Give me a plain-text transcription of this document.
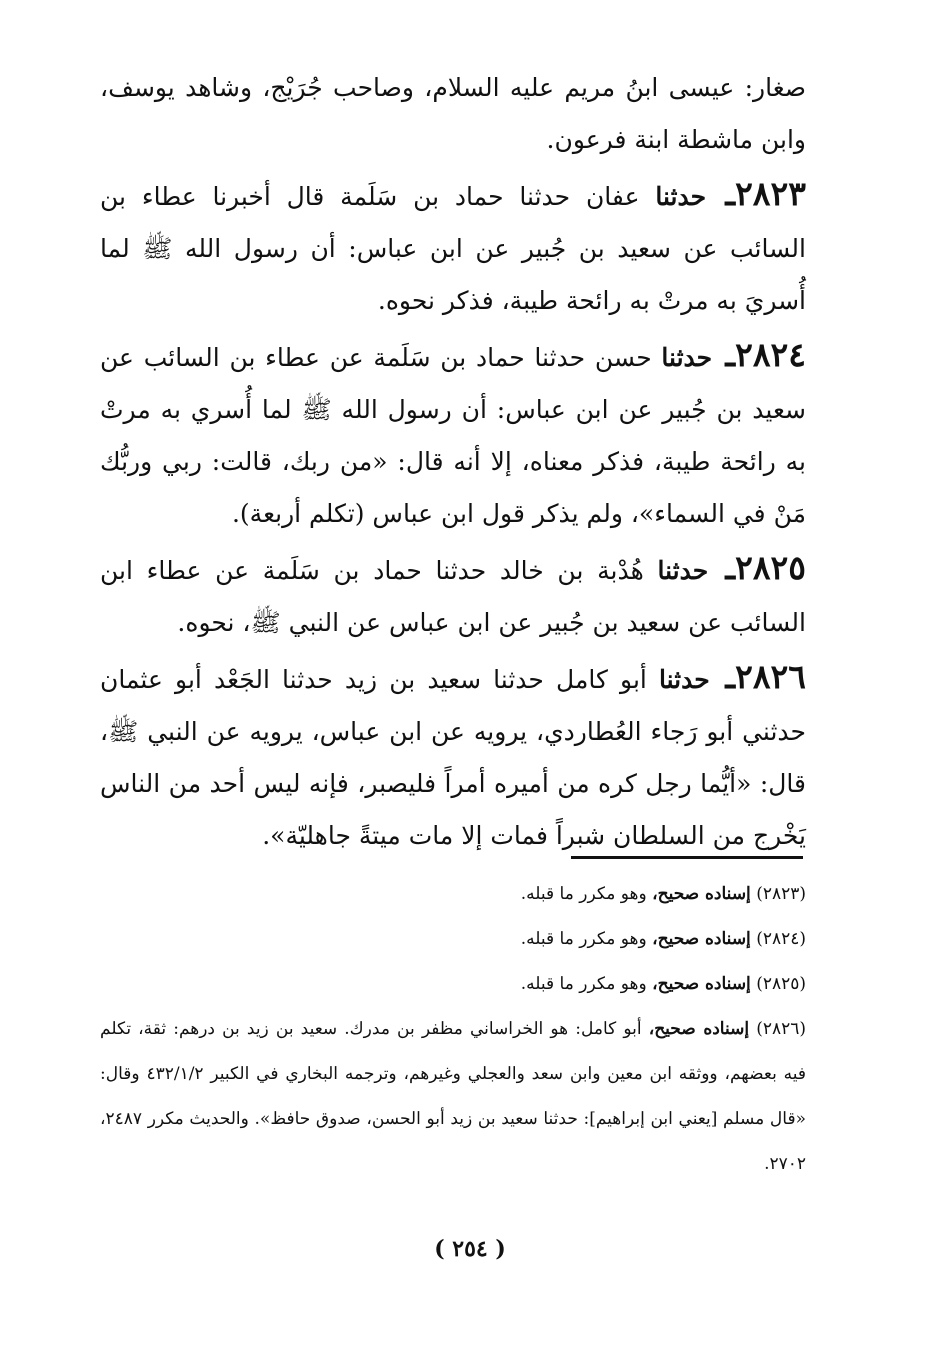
صغار: عيسى ابنُ مريم عليه السلام، وصاحب جُرَيْج، وشاهد يوسف، وابن ماشطة ابنة فرعون.

٢٨٢٣ـ حدثنا عفان حدثنا حماد بن سَلَمة قال أخبرنا عطاء بن السائب عن سعيد بن جُبير عن ابن عباس: أن رسول الله ﷺ لما أُسريَ به مرتْ به رائحة طيبة، فذكر نحوه.

٢٨٢٤ـ حدثنا حسن حدثنا حماد بن سَلَمة عن عطاء بن السائب عن سعيد بن جُبير عن ابن عباس: أن رسول الله ﷺ لما أُسري به مرتْ به رائحة طيبة، فذكر معناه، إلا أنه قال: «من ربك، قالت: ربي وربُّك مَنْ في السماء»، ولم يذكر قول ابن عباس (تكلم أربعة).

٢٨٢٥ـ حدثنا هُدْبة بن خالد حدثنا حماد بن سَلَمة عن عطاء ابن السائب عن سعيد بن جُبير عن ابن عباس عن النبي ﷺ، نحوه.

٢٨٢٦ـ حدثنا أبو كامل حدثنا سعيد بن زيد حدثنا الجَعْد أبو عثمان حدثني أبو رَجاء العُطاردي، يرويه عن ابن عباس، يرويه عن النبي ﷺ، قال: «أيُّما رجل كره من أميره أمراً فليصبر، فإنه ليس أحد من الناس يَخْرج من السلطان شبراً فمات إلا مات ميتةً جاهليّة».

(٢٨٢٣) إسناده صحيح، وهو مكرر ما قبله.

(٢٨٢٤) إسناده صحيح، وهو مكرر ما قبله.

(٢٨٢٥) إسناده صحيح، وهو مكرر ما قبله.

(٢٨٢٦) إسناده صحيح، أبو كامل: هو الخراساني مظفر بن مدرك. سعيد بن زيد بن درهم: ثقة، تكلم فيه بعضهم، ووثقه ابن معين وابن سعد والعجلي وغيرهم، وترجمه البخاري في الكبير ٤٣٢/١/٢ وقال: «قال مسلم [يعني ابن إبراهيم]: حدثنا سعيد بن زيد أبو الحسن، صدوق حافظ». والحديث مكرر ٢٤٨٧، ٢٧٠٢.

( ٢٥٤ )
